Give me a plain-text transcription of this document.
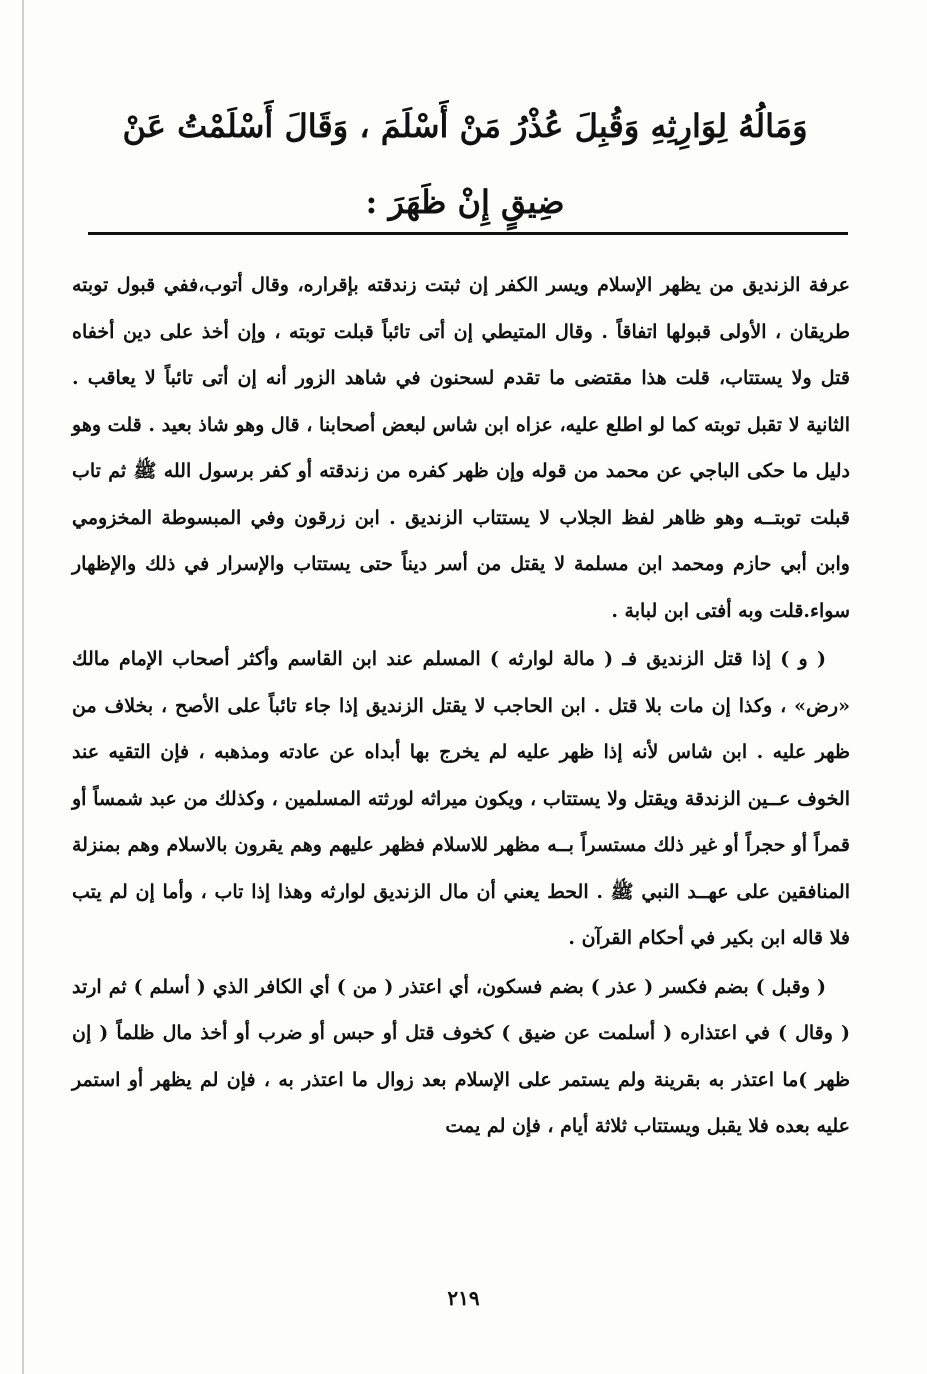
وَمَالُهُ لِوَارِثِهِ وَقُبِلَ عُذْرُ مَنْ أَسْلَمَ ، وَقَالَ أَسْلَمْتُ عَنْ
ضِيقٍ إِنْ ظَهَرَ :

عرفة الزنديق من يظهر الإسلام ويسر الكفر إن ثبتت زندقته بإقراره، وقال أتوب،ففي قبول توبته طريقان ، الأولى قبولها اتفاقاً . وقال المتيطي إن أتى تائباً قبلت توبته ، وإن أخذ على دين أخفاه قتل ولا يستتاب، قلت هذا مقتضى ما تقدم لسحنون في شاهد الزور أنه إن أتى تائباً لا يعاقب . الثانية لا تقبل توبته كما لو اطلع عليه، عزاه ابن شاس لبعض أصحابنا ، قال وهو شاذ بعيد . قلت وهو دليل ما حكى الباجي عن محمد من قوله وإن ظهر كفره من زندقته أو كفر برسول الله ﷺ ثم تاب قبلت توبتــه وهو ظاهر لفظ الجلاب لا يستتاب الزنديق . ابن زرقون وفي المبسوطة المخزومي وابن أبي حازم ومحمد ابن مسلمة لا يقتل من أسر ديناً حتى يستتاب والإسرار في ذلك والإظهار سواء.قلت وبه أفتى ابن لبابة .

( و ) إذا قتل الزنديق فـ ( مالة لوارثه ) المسلم عند ابن القاسم وأكثر أصحاب الإمام مالك «رض» ، وكذا إن مات بلا قتل . ابن الحاجب لا يقتل الزنديق إذا جاء تائباً على الأصح ، بخلاف من ظهر عليه . ابن شاس لأنه إذا ظهر عليه لم يخرج بها أبداه عن عادته ومذهبه ، فإن التقيه عند الخوف عــين الزندقة ويقتل ولا يستتاب ، ويكون ميراثه لورثته المسلمين ، وكذلك من عبد شمساً أو قمراً أو حجراً أو غير ذلك مستسراً بــه مظهر للاسلام فظهر عليهم وهم يقرون بالاسلام وهم بمنزلة المنافقين على عهــد النبي ﷺ . الحط يعني أن مال الزنديق لوارثه وهذا إذا تاب ، وأما إن لم يتب فلا قاله ابن بكير في أحكام القرآن .

( وقبل ) بضم فكسر ( عذر ) بضم فسكون، أي اعتذر ( من ) أي الكافر الذي ( أسلم ) ثم ارتد ( وقال ) في اعتذاره ( أسلمت عن ضيق ) كخوف قتل أو حبس أو ضرب أو أخذ مال ظلماً ( إن ظهر )ما اعتذر به بقرينة ولم يستمر على الإسلام بعد زوال ما اعتذر به ، فإن لم يظهر أو استمر عليه بعده فلا يقبل ويستتاب ثلاثة أيام ، فإن لم يمت

٢١٩
